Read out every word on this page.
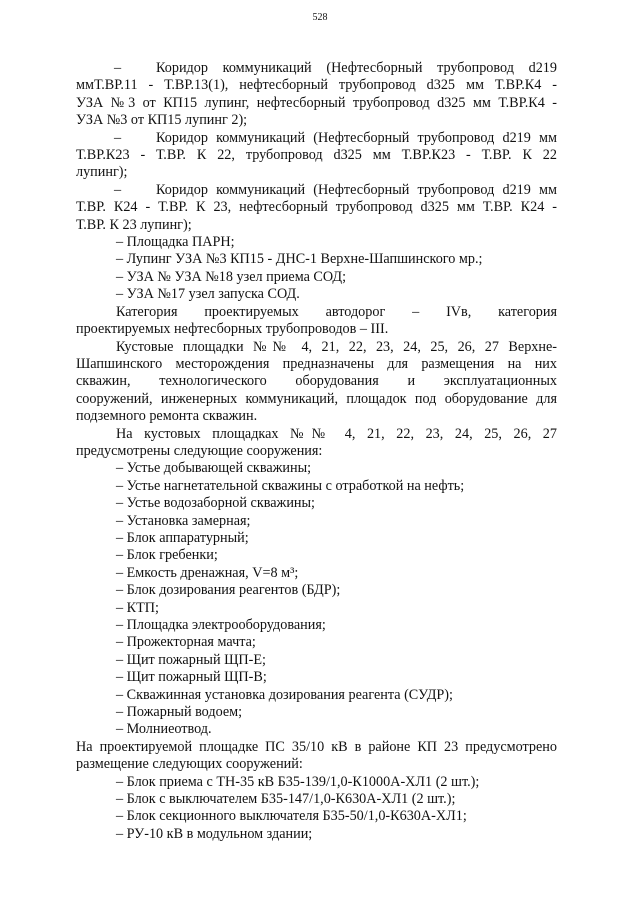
528
– Коридор коммуникаций (Нефтесборный трубопровод d219
ммТ.ВР.11 - Т.ВР.13(1), нефтесборный трубопровод d325 мм Т.ВР.К4 -
УЗА №3 от КП15 лупинг, нефтесборный трубопровод d325 мм Т.ВР.К4 -
УЗА №3 от КП15 лупинг 2);
– Коридор коммуникаций (Нефтесборный трубопровод d219 мм
Т.ВР.К23 - Т.ВР. К 22, трубопровод d325 мм Т.ВР.К23 - Т.ВР. К 22
лупинг);
– Коридор коммуникаций (Нефтесборный трубопровод d219 мм
Т.ВР. К24 - Т.ВР. К 23, нефтесборный трубопровод d325 мм Т.ВР. К24 -
Т.ВР. К 23 лупинг);
– Площадка ПАРН;
– Лупинг УЗА №3 КП15 - ДНС-1 Верхне-Шапшинского мр.;
– УЗА № УЗА №18 узел приема СОД;
– УЗА №17 узел запуска СОД.
Категория проектируемых автодорог – IVв, категория
проектируемых нефтесборных трубопроводов – III.
Кустовые площадки №№ 4, 21, 22, 23, 24, 25, 26, 27 Верхне-
Шапшинского месторождения предназначены для размещения на них
скважин, технологического оборудования и эксплуатационных
сооружений, инженерных коммуникаций, площадок под оборудование для
подземного ремонта скважин.
На кустовых площадках №№ 4, 21, 22, 23, 24, 25, 26, 27
предусмотрены следующие сооружения:
– Устье добывающей скважины;
– Устье нагнетательной скважины с отработкой на нефть;
– Устье водозаборной скважины;
– Установка замерная;
– Блок аппаратурный;
– Блок гребенки;
– Емкость дренажная, V=8 м³;
– Блок дозирования реагентов (БДР);
– КТП;
– Площадка электрооборудования;
– Прожекторная мачта;
– Щит пожарный ЩП-Е;
– Щит пожарный ЩП-В;
– Скважинная установка дозирования реагента (СУДР);
– Пожарный водоем;
– Молниеотвод.
На проектируемой площадке ПС 35/10 кВ в районе КП 23 предусмотрено
размещение следующих сооружений:
– Блок приема с ТН-35 кВ Б35-139/1,0-К1000А-ХЛ1 (2 шт.);
– Блок с выключателем Б35-147/1,0-К630А-ХЛ1 (2 шт.);
– Блок секционного выключателя Б35-50/1,0-К630А-ХЛ1;
– РУ-10 кВ в модульном здании;
